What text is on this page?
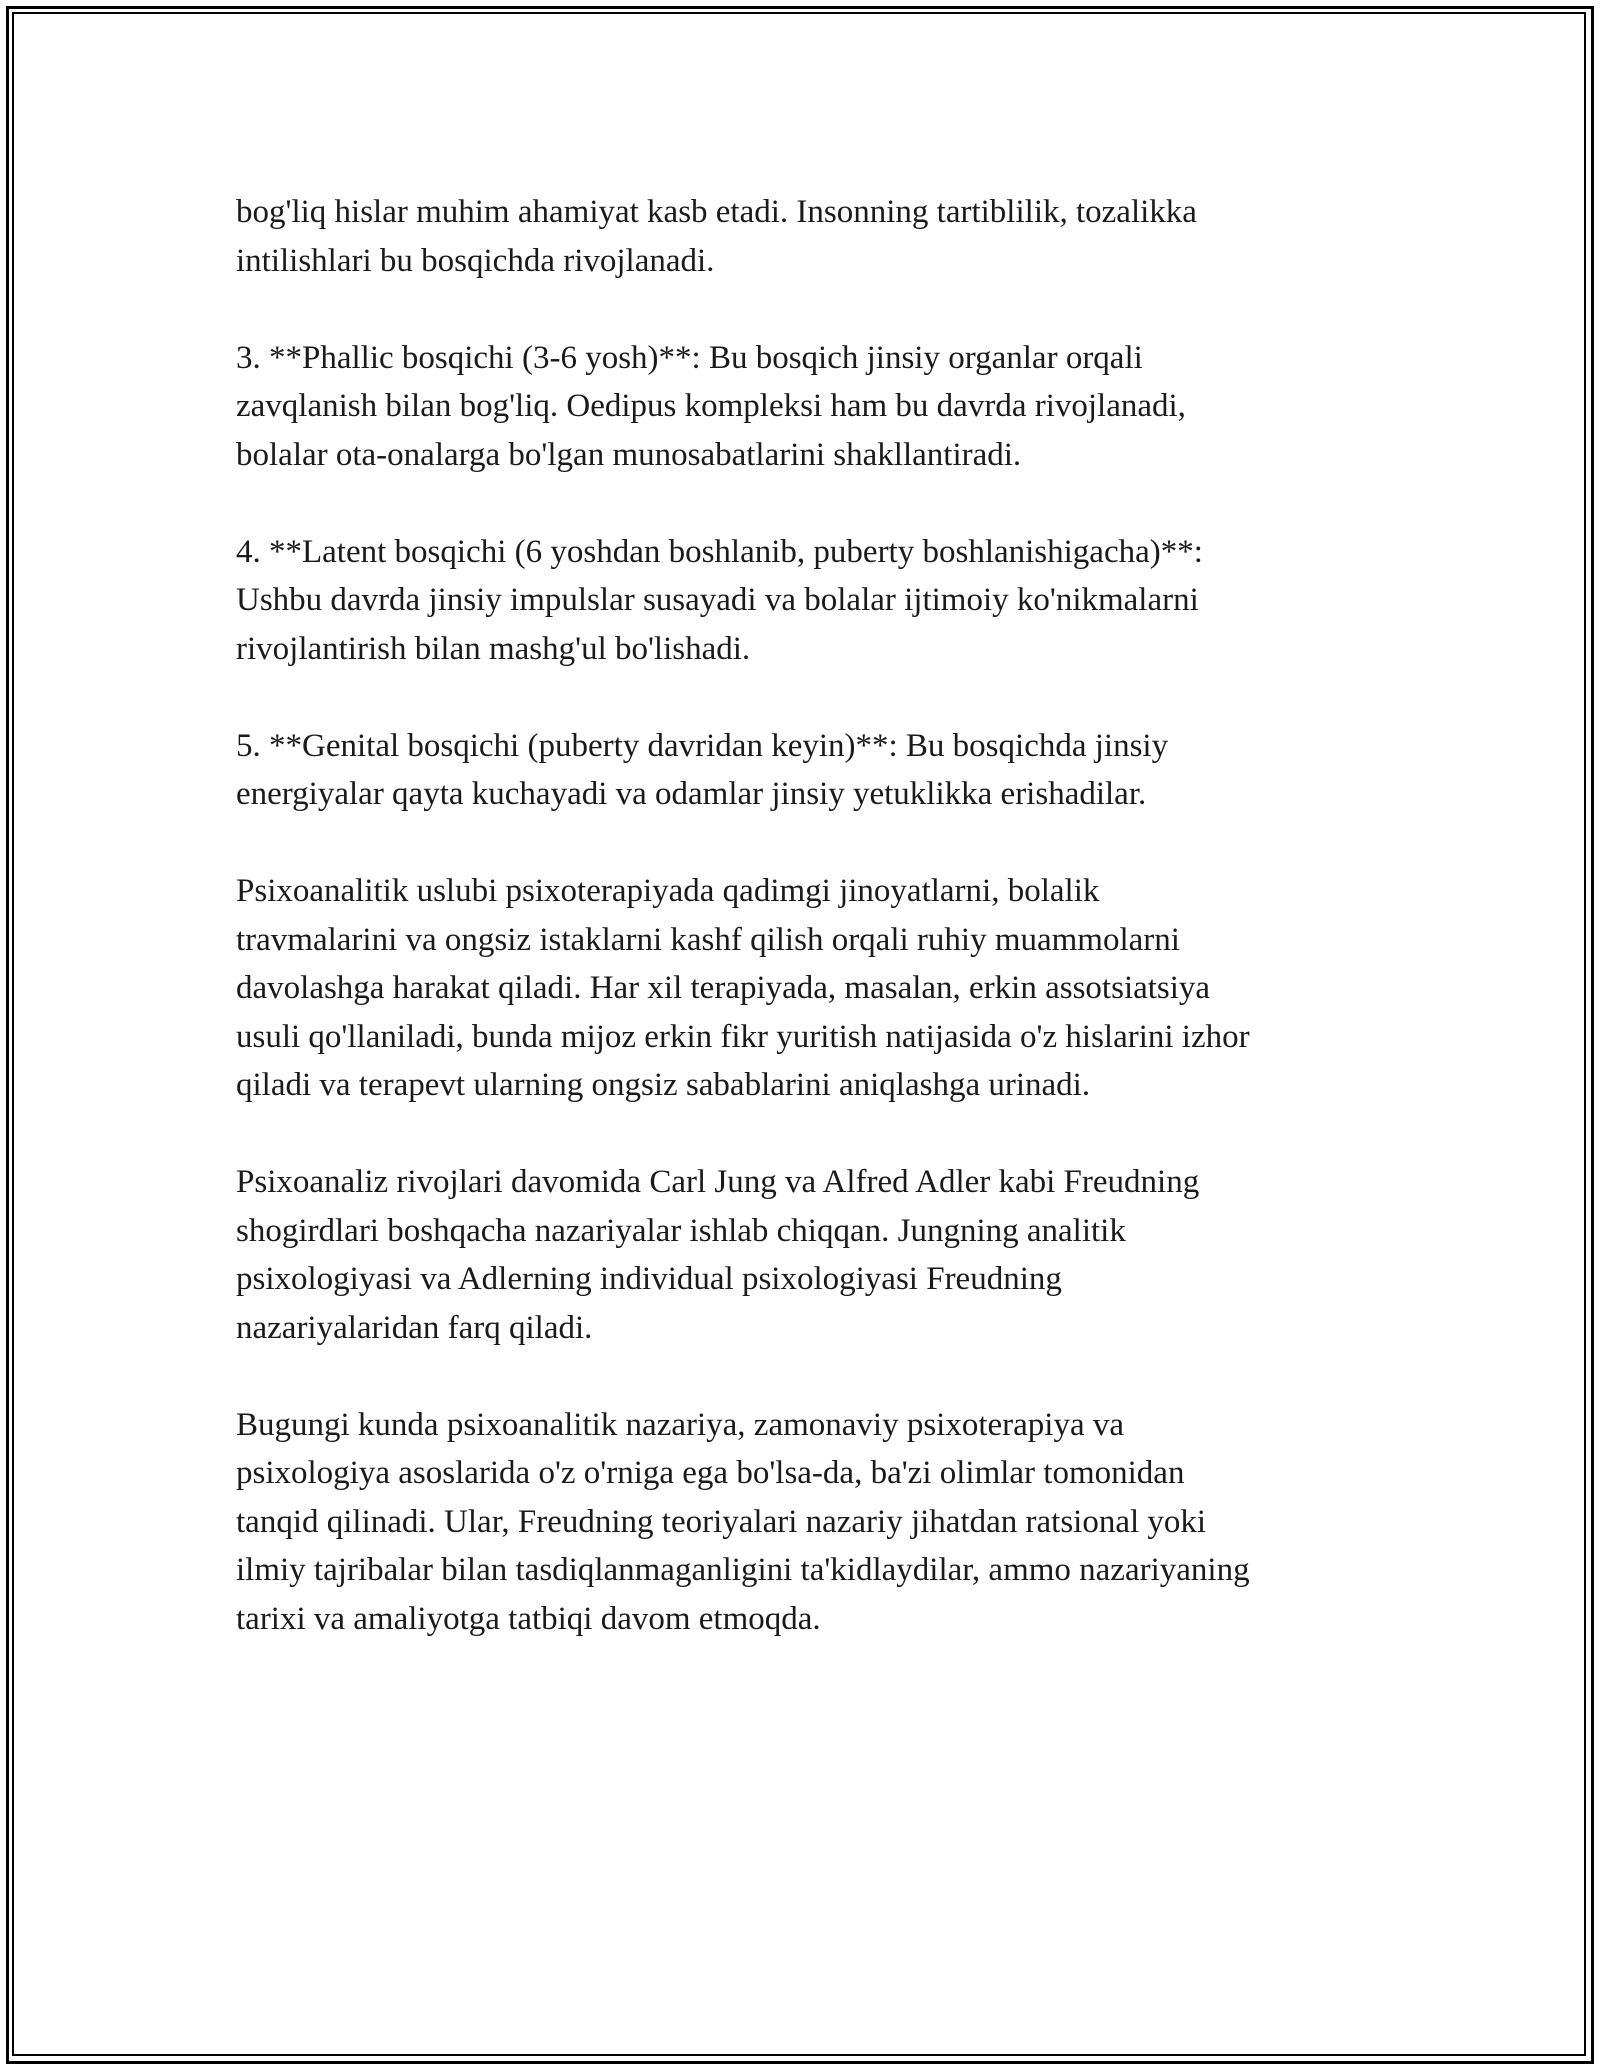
bog'liq hislar muhim ahamiyat kasb etadi. Insonning tartiblilik, tozalikka
intilishlari bu bosqichda rivojlanadi.

3. **Phallic bosqichi (3-6 yosh)**: Bu bosqich jinsiy organlar orqali
zavqlanish bilan bog'liq. Oedipus kompleksi ham bu davrda rivojlanadi,
bolalar ota-onalarga bo'lgan munosabatlarini shakllantiradi.

4. **Latent bosqichi (6 yoshdan boshlanib, puberty boshlanishigacha)**:
Ushbu davrda jinsiy impulslar susayadi va bolalar ijtimoiy ko'nikmalarni
rivojlantirish bilan mashg'ul bo'lishadi.

5. **Genital bosqichi (puberty davridan keyin)**: Bu bosqichda jinsiy
energiyalar qayta kuchayadi va odamlar jinsiy yetuklikka erishadilar.

Psixoanalitik uslubi psixoterapiyada qadimgi jinoyatlarni, bolalik
travmalarini va ongsiz istaklarni kashf qilish orqali ruhiy muammolarni
davolashga harakat qiladi. Har xil terapiyada, masalan, erkin assotsiatsiya
usuli qo'llaniladi, bunda mijoz erkin fikr yuritish natijasida o'z hislarini izhor
qiladi va terapevt ularning ongsiz sabablarini aniqlashga urinadi.

Psixoanaliz rivojlari davomida Carl Jung va Alfred Adler kabi Freudning
shogirdlari boshqacha nazariyalar ishlab chiqqan. Jungning analitik
psixologiyasi va Adlerning individual psixologiyasi Freudning
nazariyalaridan farq qiladi.

Bugungi kunda psixoanalitik nazariya, zamonaviy psixoterapiya va
psixologiya asoslarida o'z o'rniga ega bo'lsa-da, ba'zi olimlar tomonidan
tanqid qilinadi. Ular, Freudning teoriyalari nazariy jihatdan ratsional yoki
ilmiy tajribalar bilan tasdiqlanmaganligini ta'kidlaydilar, ammo nazariyaning
tarixi va amaliyotga tatbiqi davom etmoqda.
